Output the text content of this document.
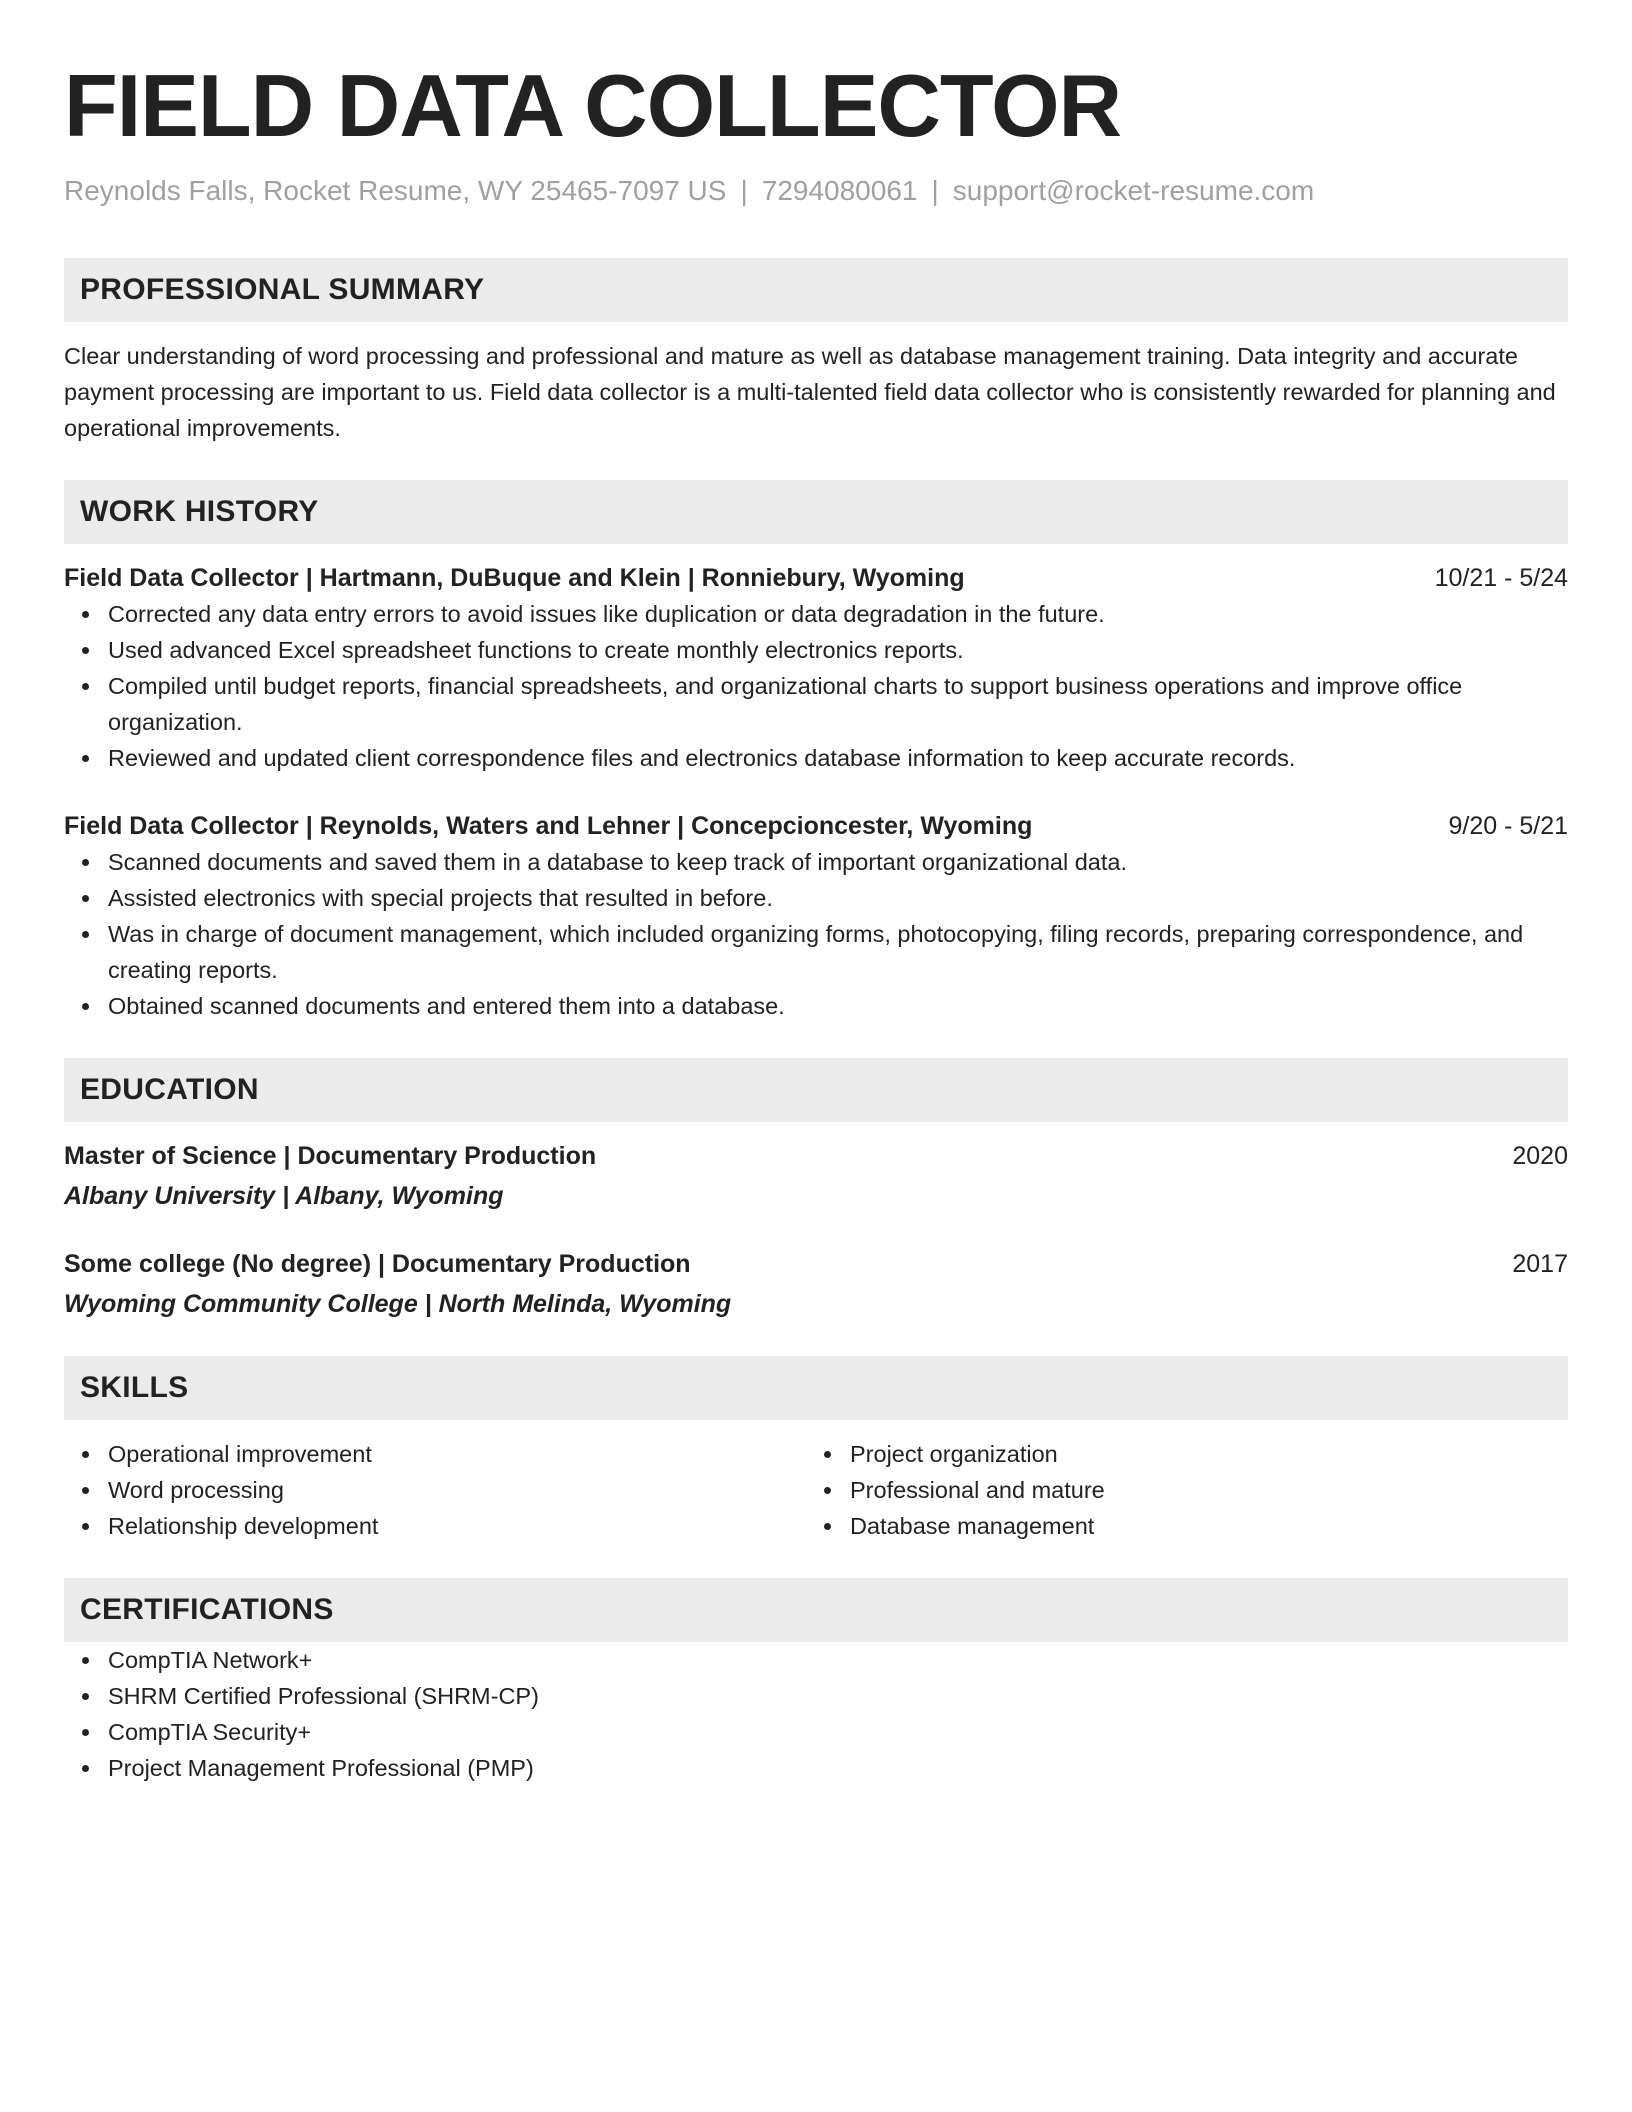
FIELD DATA COLLECTOR
Reynolds Falls, Rocket Resume, WY 25465-7097 US | 7294080061 | support@rocket-resume.com
PROFESSIONAL SUMMARY
Clear understanding of word processing and professional and mature as well as database management training. Data integrity and accurate payment processing are important to us. Field data collector is a multi-talented field data collector who is consistently rewarded for planning and operational improvements.
WORK HISTORY
Field Data Collector | Hartmann, DuBuque and Klein | Ronniebury, Wyoming	10/21 - 5/24
Corrected any data entry errors to avoid issues like duplication or data degradation in the future.
Used advanced Excel spreadsheet functions to create monthly electronics reports.
Compiled until budget reports, financial spreadsheets, and organizational charts to support business operations and improve office organization.
Reviewed and updated client correspondence files and electronics database information to keep accurate records.
Field Data Collector | Reynolds, Waters and Lehner | Concepcioncester, Wyoming	9/20 - 5/21
Scanned documents and saved them in a database to keep track of important organizational data.
Assisted electronics with special projects that resulted in before.
Was in charge of document management, which included organizing forms, photocopying, filing records, preparing correspondence, and creating reports.
Obtained scanned documents and entered them into a database.
EDUCATION
Master of Science | Documentary Production	2020
Albany University | Albany, Wyoming
Some college (No degree) | Documentary Production	2017
Wyoming Community College | North Melinda, Wyoming
SKILLS
Operational improvement
Word processing
Relationship development
Project organization
Professional and mature
Database management
CERTIFICATIONS
CompTIA Network+
SHRM Certified Professional (SHRM-CP)
CompTIA Security+
Project Management Professional (PMP)
